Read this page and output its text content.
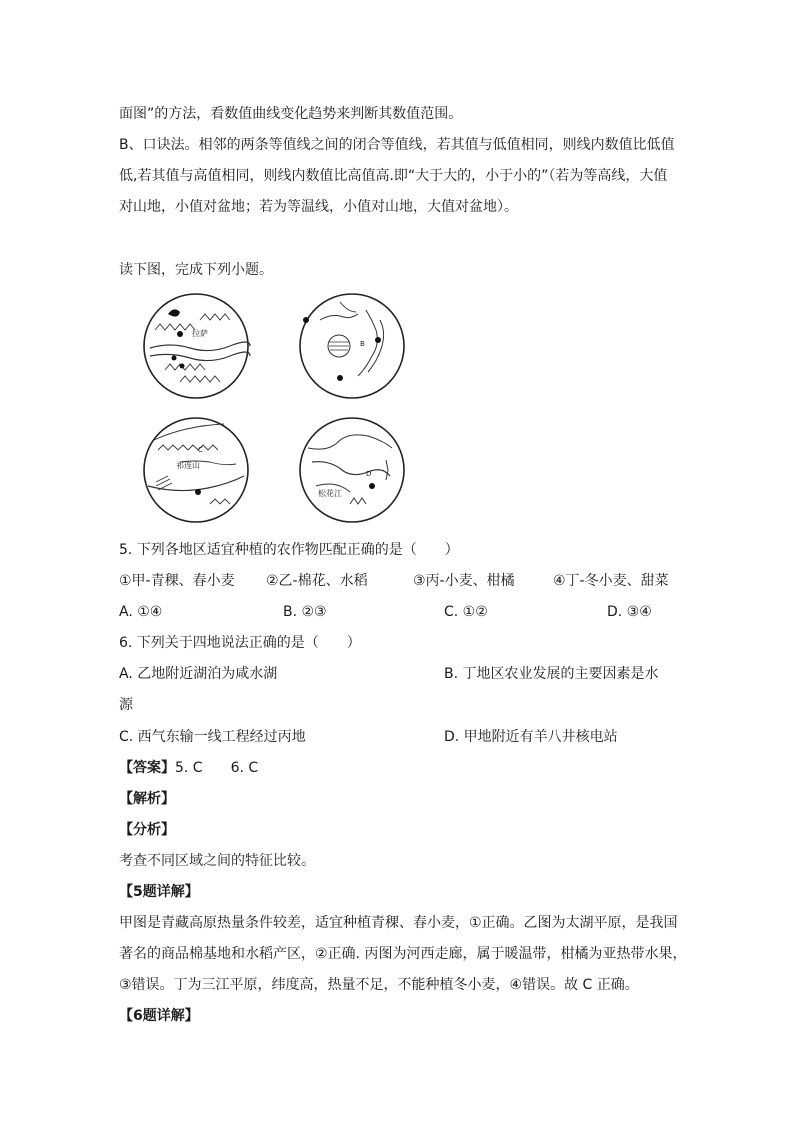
面图”的方法，看数值曲线变化趋势来判断其数值范围。
B、口诀法。相邻的两条等值线之间的闭合等值线，若其值与低值相同，则线内数值比低值
低,若其值与高值相同，则线内数值比高值高.即“大于大的，小于小的”（若为等高线，大值
对山地，小值对盆地；若为等温线，小值对山地，大值对盆地）。
读下图，完成下列小题。
拉萨
B
C
祁连山
D
松花江
5. 下列各地区适宜种植的农作物匹配正确的是（　　）
①甲-青稞、春小麦 ②乙-棉花、水稻	③丙-小麦、柑橘	④丁-冬小麦、甜菜
A. ①④	B. ②③	C. ①②	D. ③④
6. 下列关于四地说法正确的是（　　）
A. 乙地附近湖泊为咸水湖	B. 丁地区农业发展的主要因素是水
源
C. 西气东输一线工程经过丙地	D. 甲地附近有羊八井核电站
【答案】5. C　　6. C
【解析】
【分析】
考查不同区域之间的特征比较。
【5题详解】
甲图是青藏高原热量条件较差，适宜种植青稞、春小麦，①正确。乙图为太湖平原，是我国
著名的商品棉基地和水稻产区，②正确. 丙图为河西走廊，属于暖温带，柑橘为亚热带水果，
③错误。丁为三江平原，纬度高，热量不足，不能种植冬小麦，④错误。故 C 正确。
【6题详解】
